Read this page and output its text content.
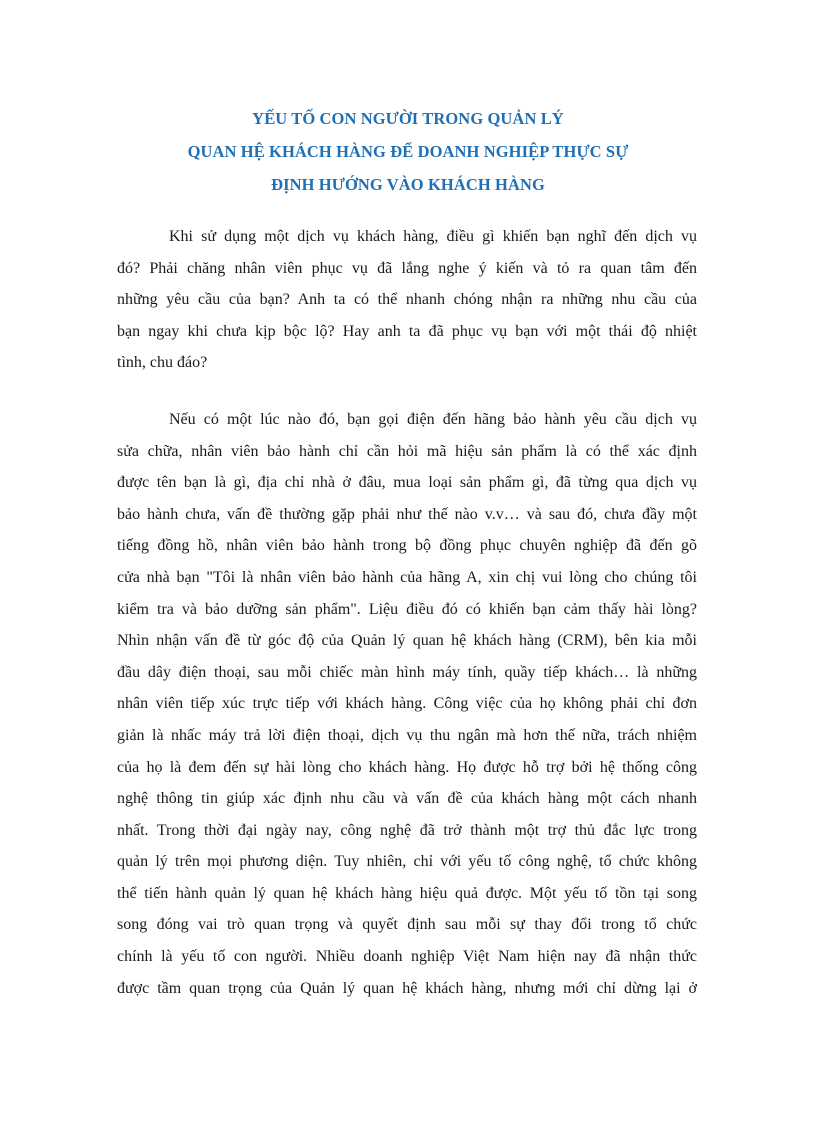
YẾU TỐ CON NGƯỜI TRONG QUẢN LÝ
QUAN HỆ KHÁCH HÀNG ĐỂ DOANH NGHIỆP THỰC SỰ
ĐỊNH HƯỚNG VÀO KHÁCH HÀNG

Khi sử dụng một dịch vụ khách hàng, điều gì khiến bạn nghĩ đến dịch vụ
đó? Phải chăng nhân viên phục vụ đã lắng nghe ý kiến và tỏ ra quan tâm đến
những yêu cầu của bạn? Anh ta có thể nhanh chóng nhận ra những nhu cầu của
bạn ngay khi chưa kịp bộc lộ? Hay anh ta đã phục vụ bạn với một thái độ nhiệt
tình, chu đáo?

Nếu có một lúc nào đó, bạn gọi điện đến hãng bảo hành yêu cầu dịch vụ
sửa chữa, nhân viên bảo hành chỉ cần hỏi mã hiệu sản phẩm là có thể xác định
được tên bạn là gì, địa chỉ nhà ở đâu, mua loại sản phẩm gì, đã từng qua dịch vụ
bảo hành chưa, vấn đề thường gặp phải như thế nào v.v… và sau đó, chưa đầy một
tiếng đồng hồ, nhân viên bảo hành trong bộ đồng phục chuyên nghiệp đã đến gõ
cửa nhà bạn "Tôi là nhân viên bảo hành của hãng A, xin chị vui lòng cho chúng tôi
kiểm tra và bảo dưỡng sản phẩm". Liệu điều đó có khiến bạn cảm thấy hài lòng?
Nhìn nhận vấn đề từ góc độ của Quản lý quan hệ khách hàng (CRM), bên kia mỗi
đầu dây điện thoại, sau mỗi chiếc màn hình máy tính, quầy tiếp khách… là những
nhân viên tiếp xúc trực tiếp với khách hàng. Công việc của họ không phải chỉ đơn
giản là nhấc máy trả lời điện thoại, dịch vụ thu ngân mà hơn thế nữa, trách nhiệm
của họ là đem đến sự hài lòng cho khách hàng. Họ được hỗ trợ bởi hệ thống công
nghệ thông tin giúp xác định nhu cầu và vấn đề của khách hàng một cách nhanh
nhất. Trong thời đại ngày nay, công nghệ đã trở thành một trợ thủ đắc lực trong
quản lý trên mọi phương diện. Tuy nhiên, chỉ với yếu tố công nghệ, tổ chức không
thể tiến hành quản lý quan hệ khách hàng hiệu quả được. Một yếu tố tồn tại song
song đóng vai trò quan trọng và quyết định sau mỗi sự thay đổi trong tổ chức
chính là yếu tố con người. Nhiều doanh nghiệp Việt Nam hiện nay đã nhận thức
được tầm quan trọng của Quản lý quan hệ khách hàng, nhưng mới chỉ dừng lại ở
